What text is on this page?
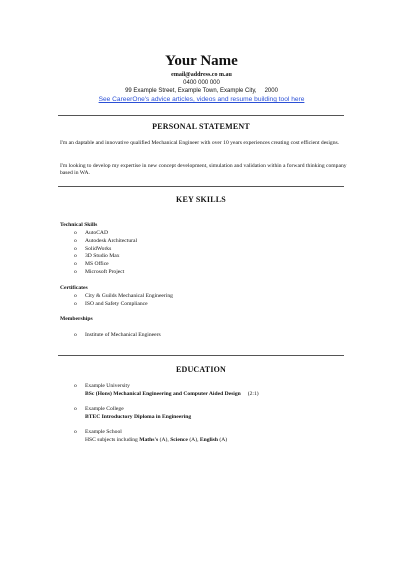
Your Name
email@address.co m.au
0400 000 000
99 Example Street, Example Town, Example City, 2000
See CareerOne's advice articles, videos and resume building tool here
PERSONAL STATEMENT
I'm an daptable and innovative qualified Mechanical Engineer with over 10 years experiences creating cost efficient designs.
I'm looking to develop my expertise in new concept development, simulation and validation within a forward thinking company based in WA.
KEY SKILLS
Technical Skills
o AutoCAD
o Autodesk Architectural
o SolidWorks
o 3D Studio Max
o MS Office
o Microsoft Project
Certificates
o City & Guilds Mechanical Engineering
o ISO and Safety Compliance
Memberships
o Institute of Mechanical Engineers
EDUCATION
o Example University
BSc (Hons) Mechanical Engineering and Computer Aided Design (2:1)
o Example College
BTEC Introductory Diploma in Engineering
o Example School
HSC subjects including Maths's (A), Science (A), English (A)
